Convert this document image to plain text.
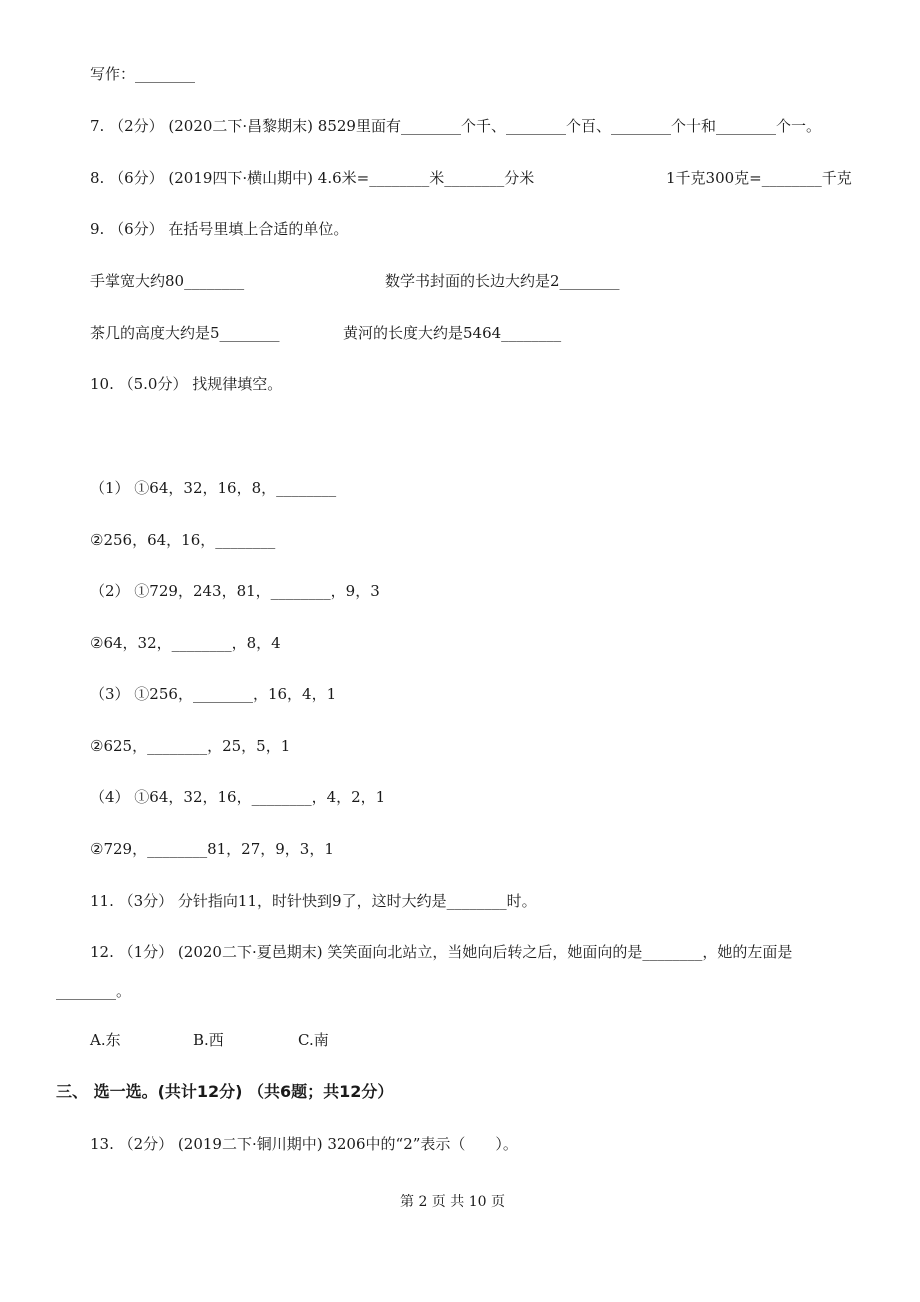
写作：________
7. （2分） (2020二下·昌黎期末) 8529里面有________个千、________个百、________个十和________个一。
8. （6分） (2019四下·横山期中) 4.6米=________米________分米	1千克300克=________千克
9. （6分） 在括号里填上合适的单位。
手掌宽大约80________	数学书封面的长边大约是2________
茶几的高度大约是5________	黄河的长度大约是5464________
10. （5.0分） 找规律填空。
（1） ①64，32，16，8，________
②256，64，16，________
（2） ①729，243，81，________，9，3
②64，32，________，8，4
（3） ①256，________，16，4，1
②625，________，25，5，1
（4） ①64，32，16，________，4，2，1
②729，________81，27，9，3，1
11. （3分） 分针指向11，时针快到9了，这时大约是________时。
12. （1分） (2020二下·夏邑期末) 笑笑面向北站立，当她向后转之后，她面向的是________，她的左面是
________。
A.东	B.西	C.南
三、 选一选。(共计12分) （共6题；共12分）
13. （2分） (2019二下·铜川期中) 3206中的“2”表示（　　）。
第 2 页 共 10 页
